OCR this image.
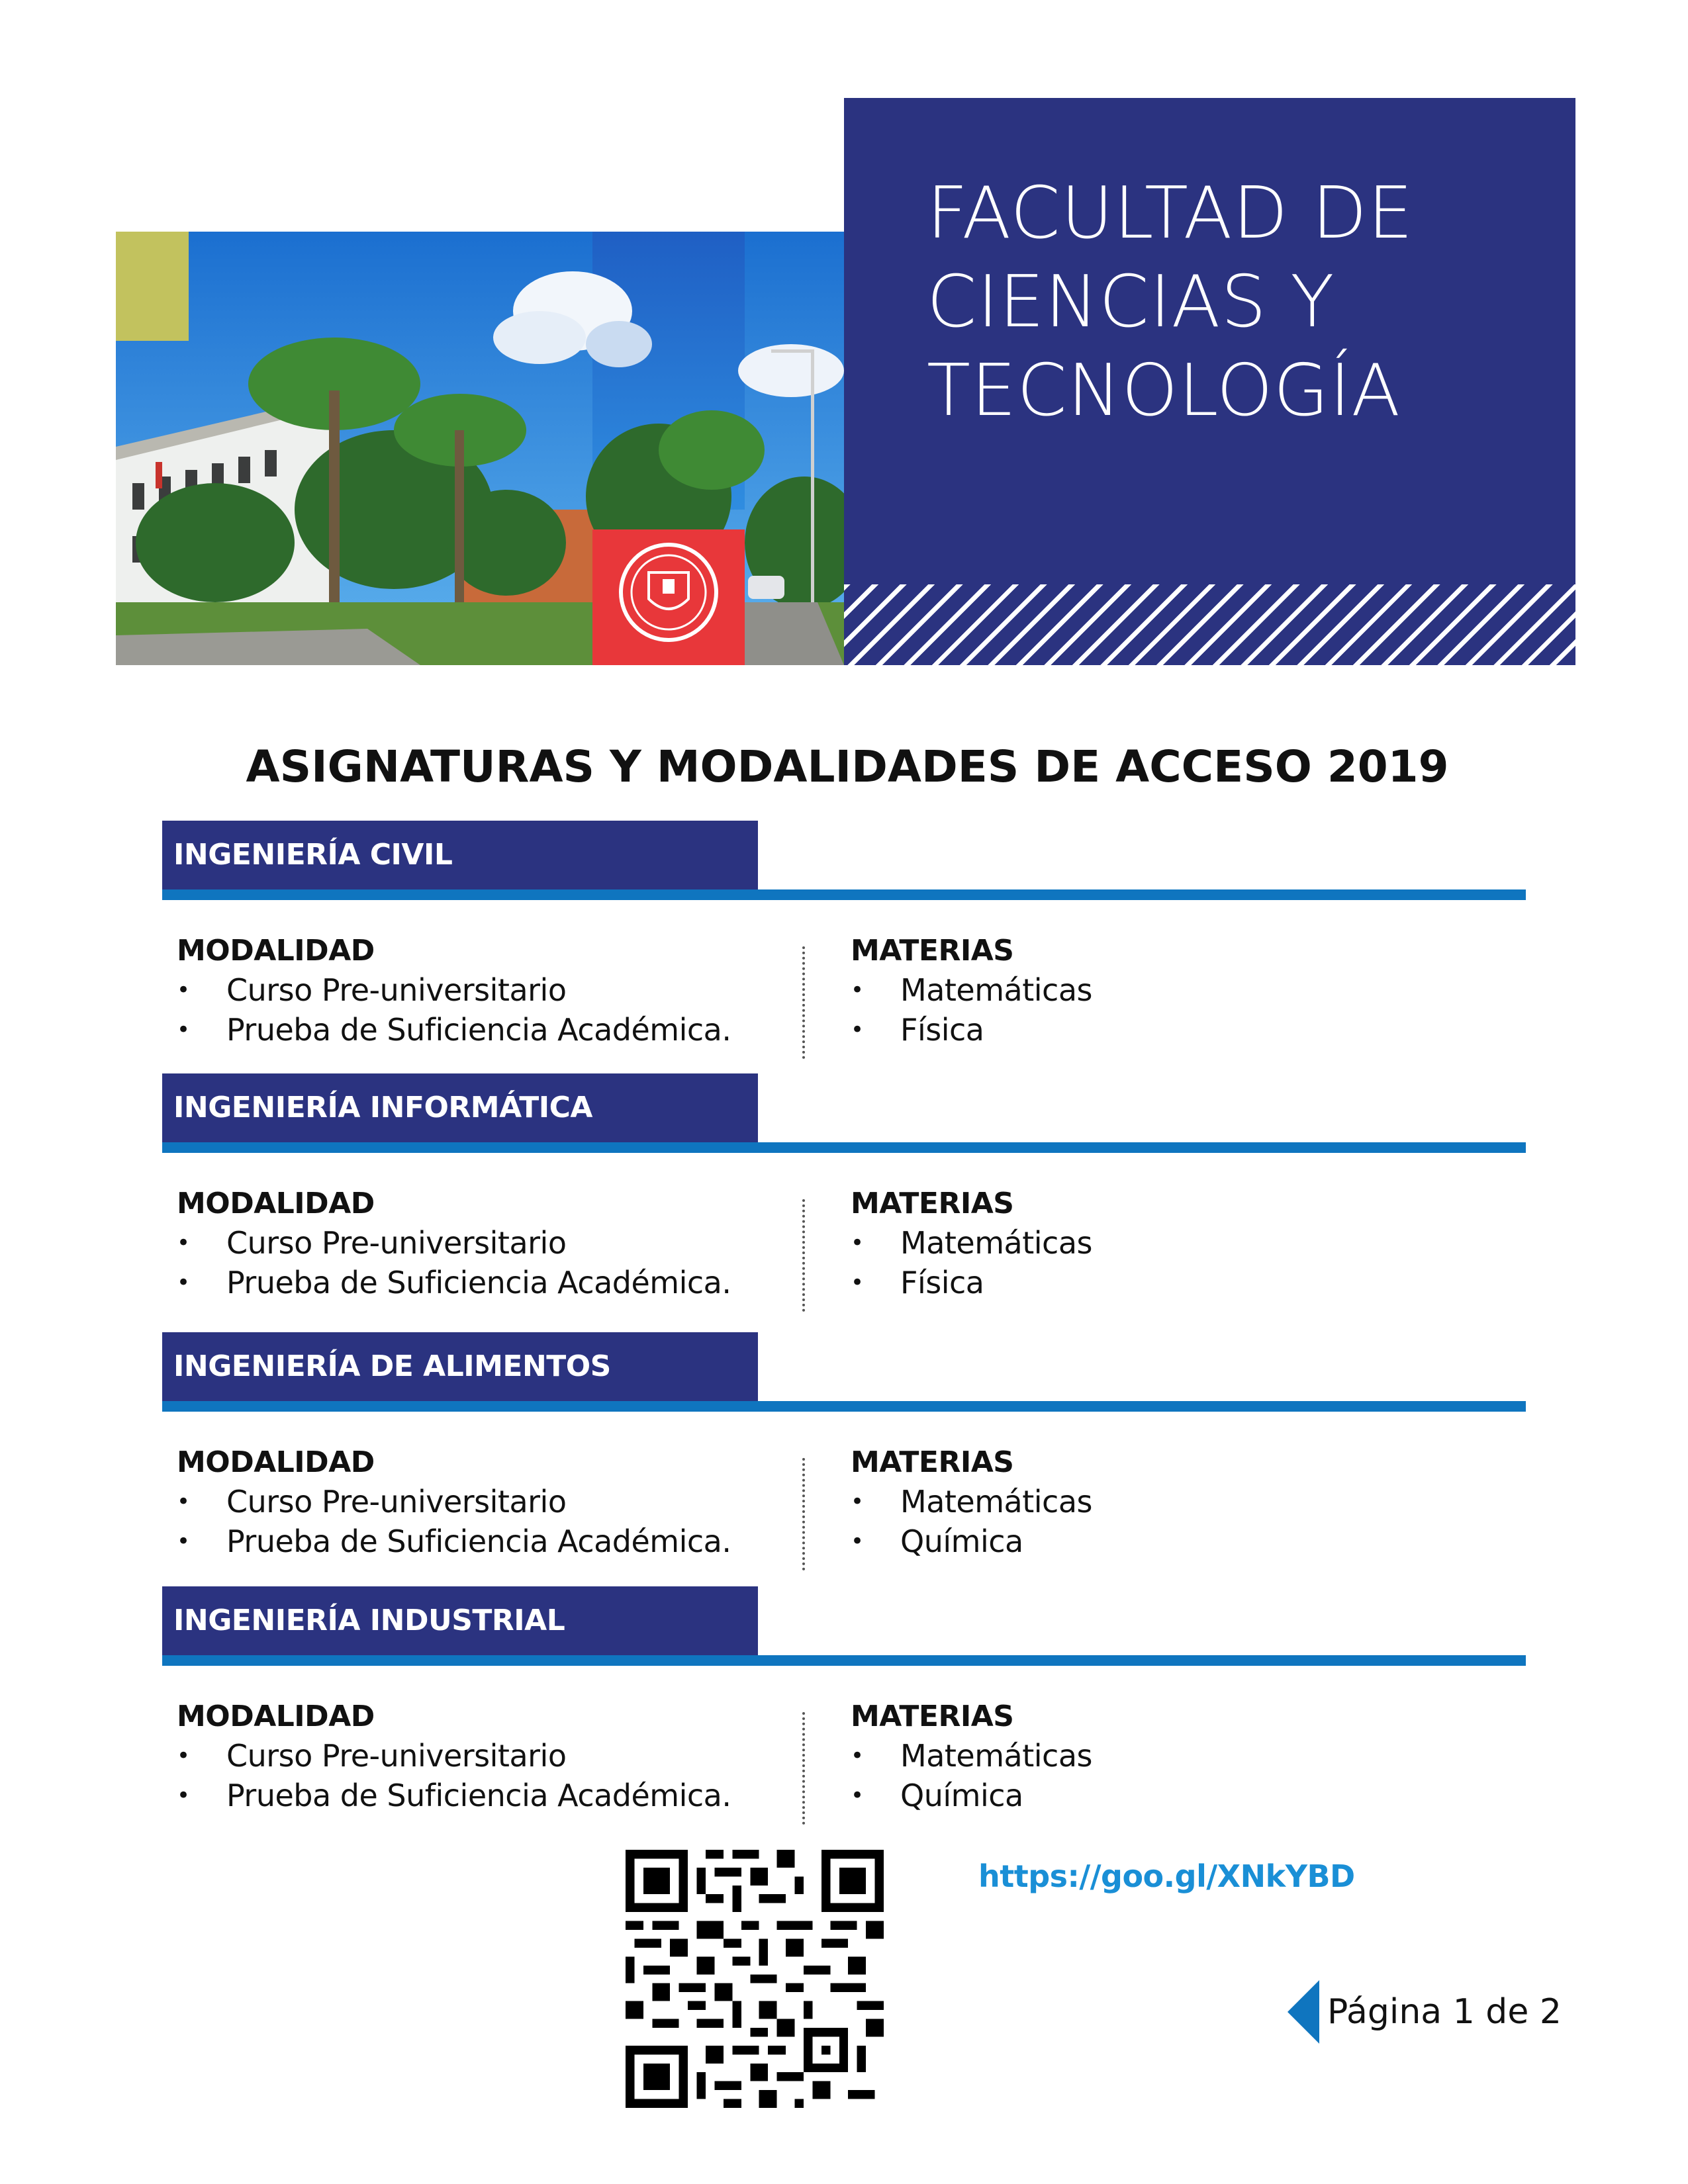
FACULTAD DE
CIENCIAS Y
TECNOLOGÍA
ASIGNATURAS Y MODALIDADES DE ACCESO 2019
INGENIERÍA CIVIL
MODALIDAD
• Curso Pre-universitario
• Prueba de Suficiencia Académica.
MATERIAS
• Matemáticas
• Física
INGENIERÍA INFORMÁTICA
MODALIDAD
• Curso Pre-universitario
• Prueba de Suficiencia Académica.
MATERIAS
• Matemáticas
• Física
INGENIERÍA DE ALIMENTOS
MODALIDAD
• Curso Pre-universitario
• Prueba de Suficiencia Académica.
MATERIAS
• Matemáticas
• Química
INGENIERÍA INDUSTRIAL
MODALIDAD
• Curso Pre-universitario
• Prueba de Suficiencia Académica.
MATERIAS
• Matemáticas
• Química
https://goo.gl/XNkYBD
Página 1 de 2
